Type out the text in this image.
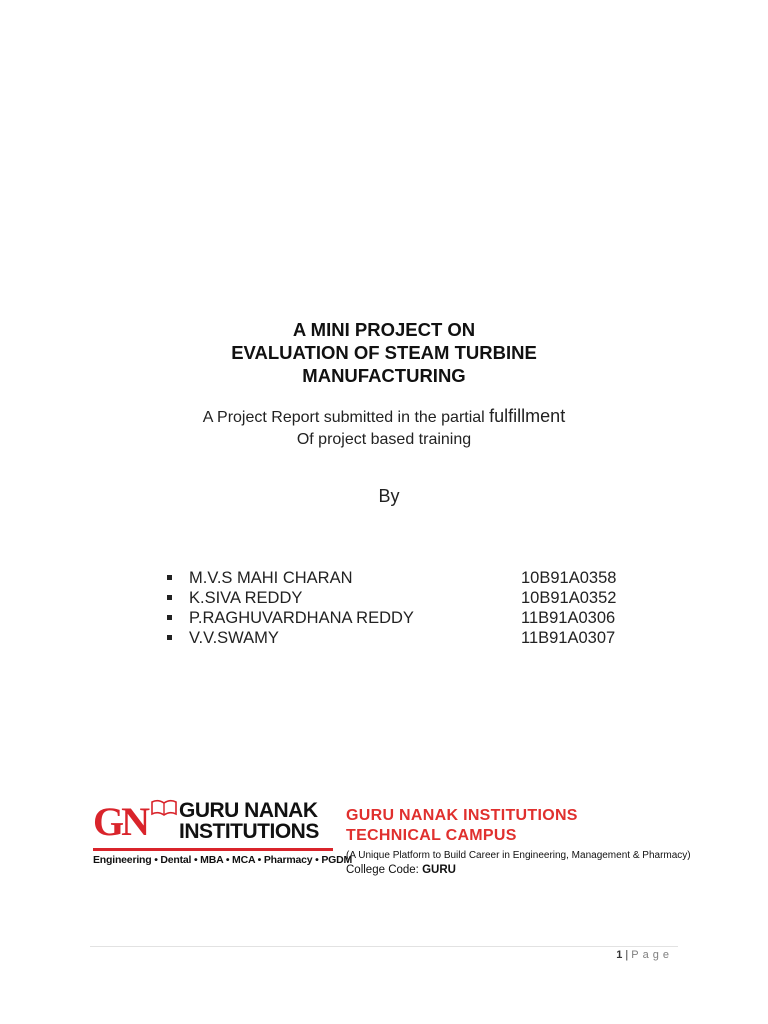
A MINI PROJECT ON
EVALUATION OF STEAM TURBINE
MANUFACTURING
A Project Report submitted in the partial fulfillment
Of project based training
By
M.V.S MAHI CHARAN	10B91A0358
K.SIVA REDDY	10B91A0352
P.RAGHUVARDHANA REDDY	11B91A0306
V.V.SWAMY	11B91A0307
GN GURU NANAK
INSTITUTIONS
Engineering • Dental • MBA • MCA • Pharmacy • PGDM
GURU NANAK INSTITUTIONS
TECHNICAL CAMPUS
(A Unique Platform to Build Career in Engineering, Management & Pharmacy)
College Code: GURU
1 | Page
